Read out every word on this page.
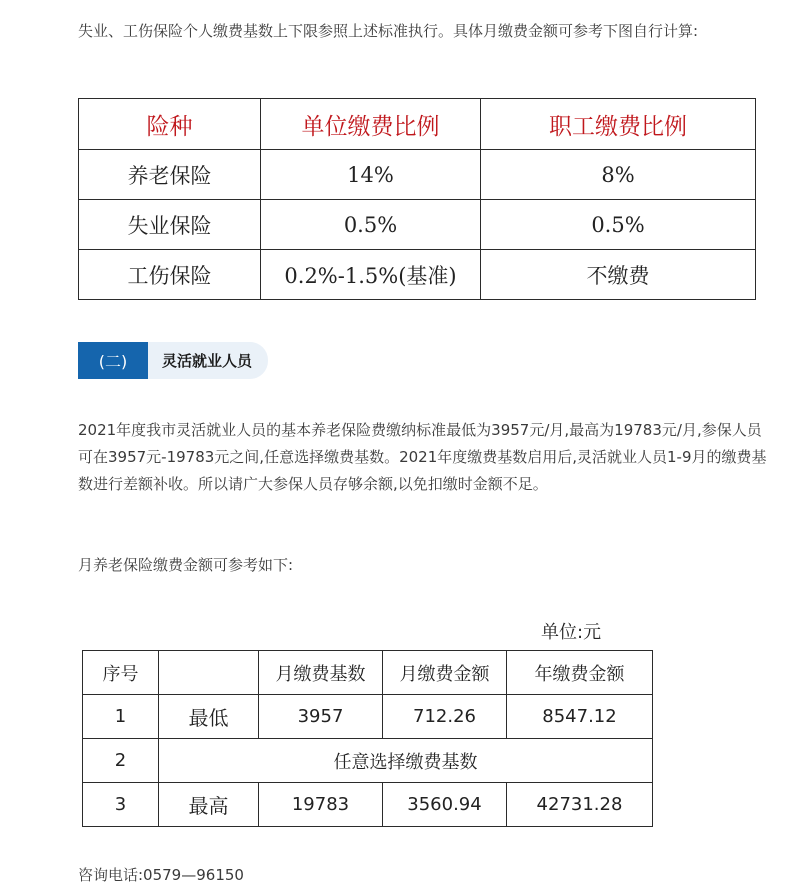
失业、工伤保险个人缴费基数上下限参照上述标准执行。具体月缴费金额可参考下图自行计算:

险种	单位缴费比例	职工缴费比例
养老保险	14%	8%
失业保险	0.5%	0.5%
工伤保险	0.2%-1.5%(基准)	不缴费
(二)	灵活就业人员

2021年度我市灵活就业人员的基本养老保险费缴纳标准最低为3957元/月,最高为19783元/月,参保人员可在3957元-19783元之间,任意选择缴费基数。2021年度缴费基数启用后,灵活就业人员1-9月的缴费基数进行差额补收。所以请广大参保人员存够余额,以免扣缴时金额不足。

月养老保险缴费金额可参考如下:

单位:元
序号		月缴费基数	月缴费金额	年缴费金额
1	最低	3957	712.26	8547.12
2	任意选择缴费基数			
3	最高	19783	3560.94	42731.28

咨询电话:0579—96150
